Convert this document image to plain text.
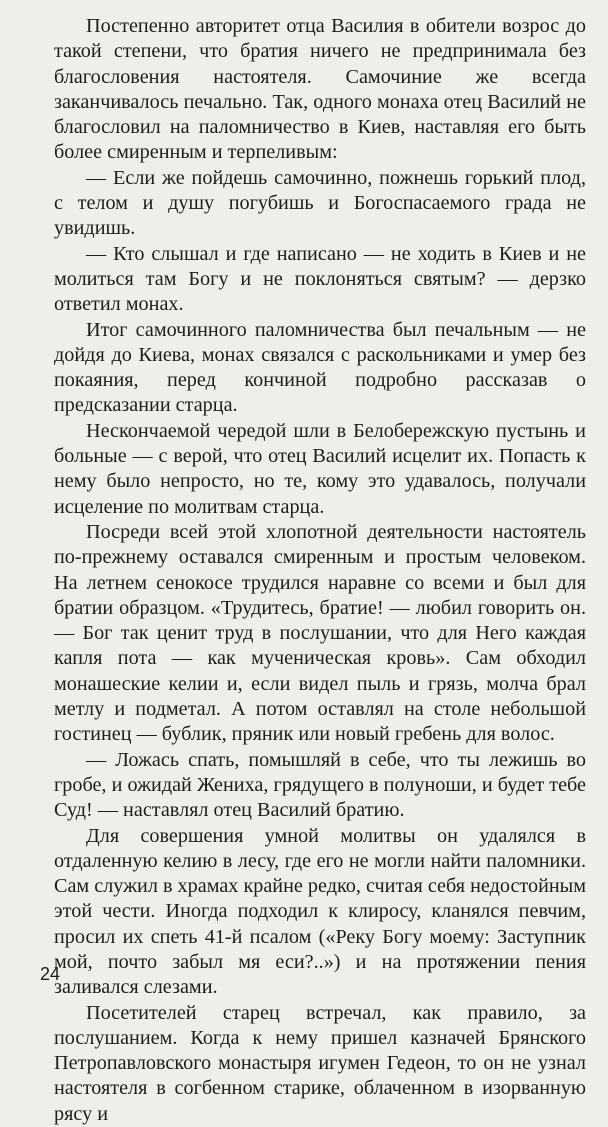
Постепенно авторитет отца Василия в обители возрос до такой степени, что братия ничего не предпринимала без благословения настоятеля. Самочиние же всегда заканчивалось печально. Так, одного монаха отец Василий не благословил на паломничество в Киев, наставляя его быть более смиренным и терпеливым:

— Если же пойдешь самочинно, пожнешь горький плод, с телом и душу погубишь и Богоспасаемого града не увидишь.

— Кто слышал и где написано — не ходить в Киев и не молиться там Богу и не поклоняться святым? — дерзко ответил монах.

Итог самочинного паломничества был печальным — не дойдя до Киева, монах связался с раскольниками и умер без покаяния, перед кончиной подробно рассказав о предсказании старца.

Нескончаемой чередой шли в Белобережскую пустынь и больные — с верой, что отец Василий исцелит их. Попасть к нему было непросто, но те, кому это удавалось, получали исцеление по молитвам старца.

Посреди всей этой хлопотной деятельности настоятель по-прежнему оставался смиренным и простым человеком. На летнем сенокосе трудился наравне со всеми и был для братии образцом. «Трудитесь, братие! — любил говорить он. — Бог так ценит труд в послушании, что для Него каждая капля пота — как мученическая кровь». Сам обходил монашеские келии и, если видел пыль и грязь, молча брал метлу и подметал. А потом оставлял на столе небольшой гостинец — бублик, пряник или новый гребень для волос.

— Ложась спать, помышляй в себе, что ты лежишь во гробе, и ожидай Жениха, грядущего в полуноши, и будет тебе Суд! — наставлял отец Василий братию.

Для совершения умной молитвы он удалялся в отдаленную келию в лесу, где его не могли найти паломники. Сам служил в храмах крайне редко, считая себя недостойным этой чести. Иногда подходил к клиросу, кланялся певчим, просил их спеть 41-й псалом («Реку Богу моему: Заступник мой, почто забыл мя еси?..») и на протяжении пения заливался слезами.

Посетителей старец встречал, как правило, за послушанием. Когда к нему пришел казначей Брянского Петропавловского монастыря игумен Гедеон, то он не узнал настоятеля в согбенном старике, облаченном в изорванную рясу и

24
